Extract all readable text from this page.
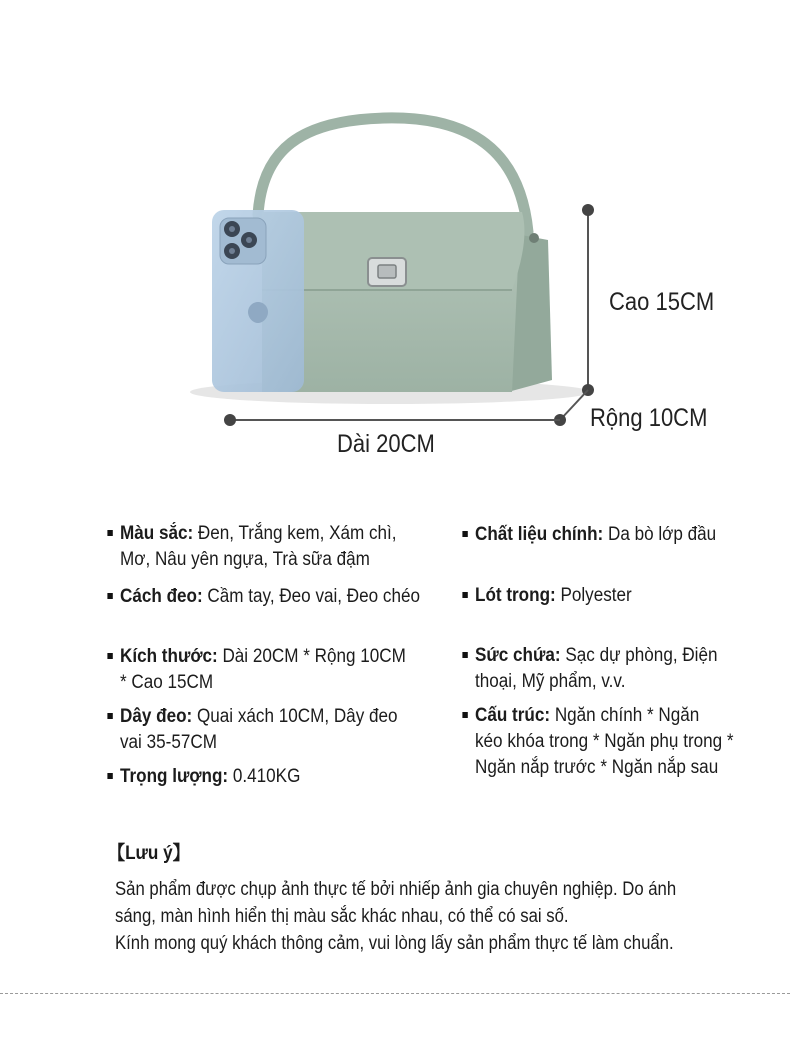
Cao 15CM
Rộng 10CM
Dài 20CM
Màu sắc: Đen, Trắng kem, Xám chì,
Mơ, Nâu yên ngựa, Trà sữa đậm
Cách đeo: Cầm tay, Đeo vai, Đeo chéo
Kích thước: Dài 20CM * Rộng 10CM
* Cao 15CM
Dây đeo: Quai xách 10CM, Dây đeo
vai 35-57CM
Trọng lượng: 0.410KG
Chất liệu chính: Da bò lớp đầu
Lót trong: Polyester
Sức chứa: Sạc dự phòng, Điện
thoại, Mỹ phẩm, v.v.
Cấu trúc: Ngăn chính * Ngăn
kéo khóa trong * Ngăn phụ trong *
Ngăn nắp trước * Ngăn nắp sau
【Lưu ý】
Sản phẩm được chụp ảnh thực tế bởi nhiếp ảnh gia chuyên nghiệp. Do ánh
sáng, màn hình hiển thị màu sắc khác nhau, có thể có sai số.
Kính mong quý khách thông cảm, vui lòng lấy sản phẩm thực tế làm chuẩn.
